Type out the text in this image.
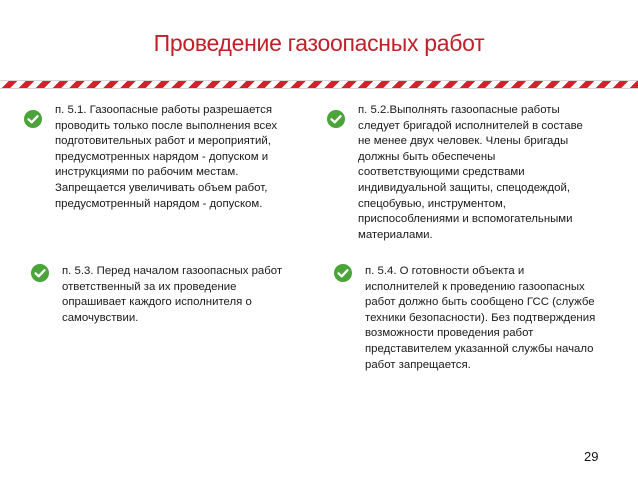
Проведение газоопасных работ
п. 5.1. Газоопасные работы разрешается
проводить только после выполнения всех
подготовительных работ и мероприятий,
предусмотренных нарядом - допуском и
инструкциями по рабочим местам.
Запрещается увеличивать объем работ,
предусмотренный нарядом - допуском.
п. 5.2.Выполнять газоопасные работы
следует бригадой исполнителей в составе
не менее двух человек. Члены бригады
должны быть обеспечены
соответствующими средствами
индивидуальной защиты, спецодеждой,
спецобувью, инструментом,
приспособлениями и вспомогательными
материалами.
п. 5.3. Перед началом газоопасных работ
ответственный за их проведение
опрашивает каждого исполнителя о
самочувствии.
п. 5.4. О готовности объекта и
исполнителей к проведению газоопасных
работ должно быть сообщено ГСС (службе
техники безопасности). Без подтверждения
возможности проведения работ
представителем указанной службы начало
работ запрещается.
29
